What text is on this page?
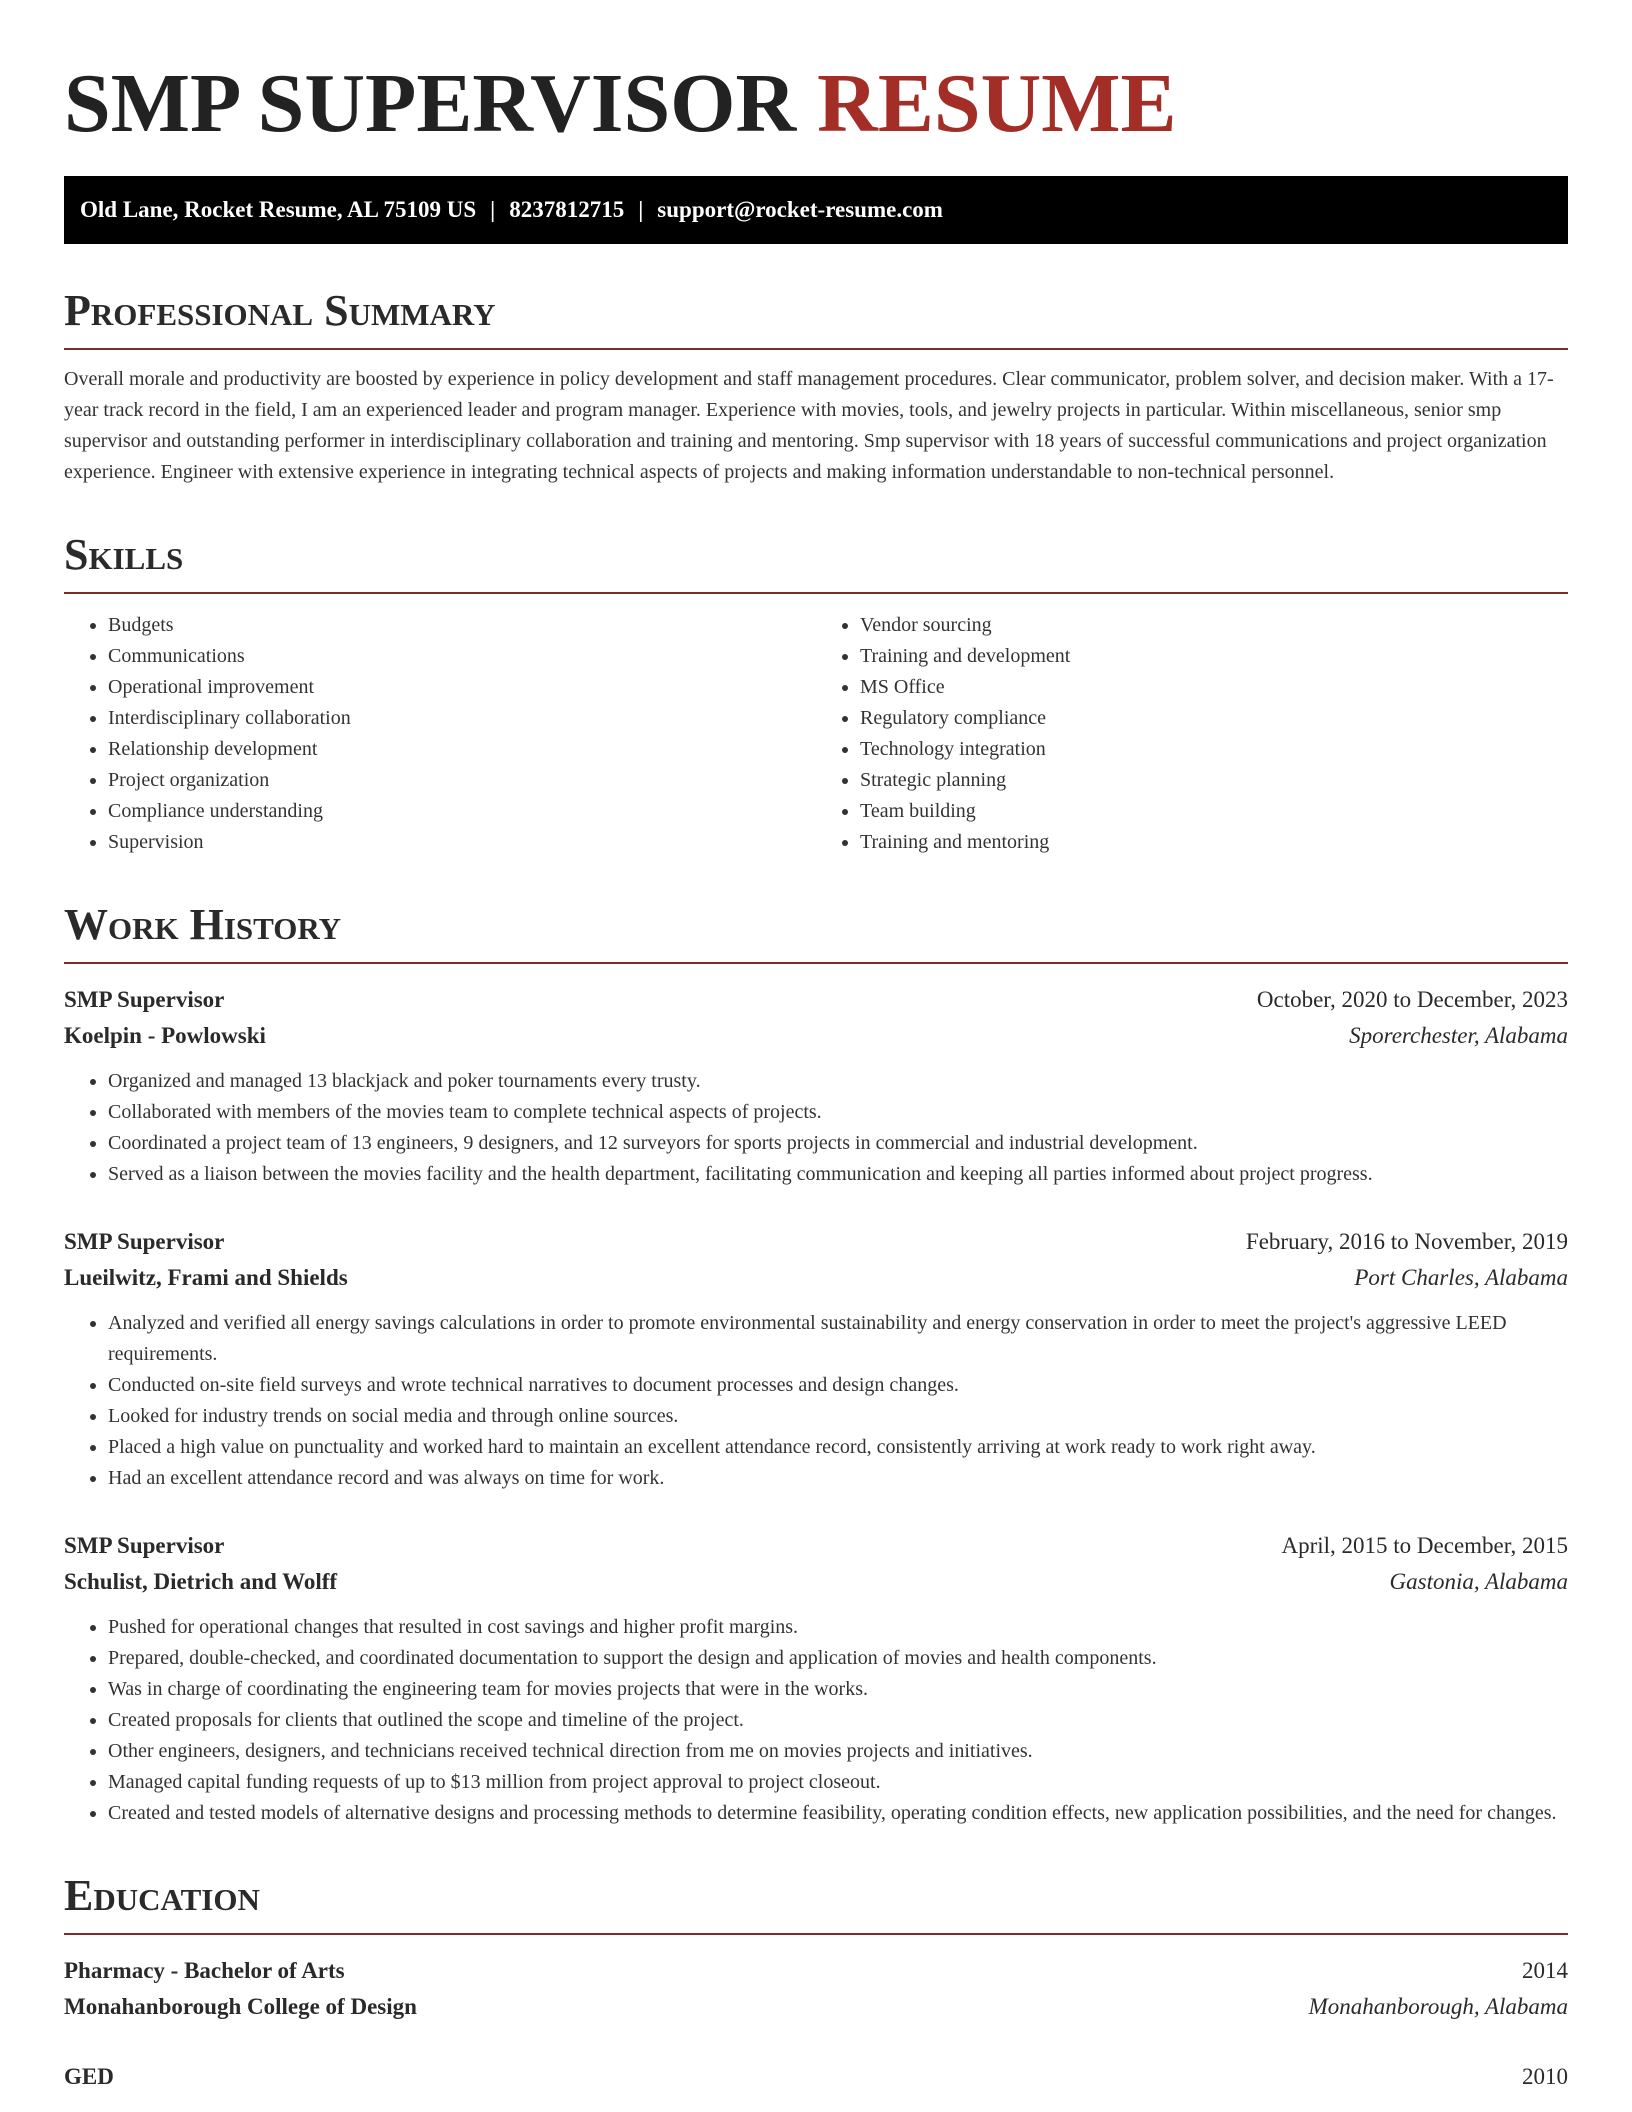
SMP SUPERVISOR RESUME
Old Lane, Rocket Resume, AL 75109 US | 8237812715 | support@rocket-resume.com
Professional Summary

Overall morale and productivity are boosted by experience in policy development and staff management procedures. Clear communicator, problem solver, and decision maker. With a 17-year track record in the field, I am an experienced leader and program manager. Experience with movies, tools, and jewelry projects in particular. Within miscellaneous, senior smp supervisor and outstanding performer in interdisciplinary collaboration and training and mentoring. Smp supervisor with 18 years of successful communications and project organization experience. Engineer with extensive experience in integrating technical aspects of projects and making information understandable to non-technical personnel.

Skills
• Budgets
• Communications
• Operational improvement
• Interdisciplinary collaboration
• Relationship development
• Project organization
• Compliance understanding
• Supervision
• Vendor sourcing
• Training and development
• MS Office
• Regulatory compliance
• Technology integration
• Strategic planning
• Team building
• Training and mentoring
Work History
SMP Supervisor	October, 2020 to December, 2023
Koelpin - Powlowski	Sporerchester, Alabama
• Organized and managed 13 blackjack and poker tournaments every trusty.
• Collaborated with members of the movies team to complete technical aspects of projects.
• Coordinated a project team of 13 engineers, 9 designers, and 12 surveyors for sports projects in commercial and industrial development.
• Served as a liaison between the movies facility and the health department, facilitating communication and keeping all parties informed about project progress.
SMP Supervisor	February, 2016 to November, 2019
Lueilwitz, Frami and Shields	Port Charles, Alabama
• Analyzed and verified all energy savings calculations in order to promote environmental sustainability and energy conservation in order to meet the project's aggressive LEED requirements.
• Conducted on-site field surveys and wrote technical narratives to document processes and design changes.
• Looked for industry trends on social media and through online sources.
• Placed a high value on punctuality and worked hard to maintain an excellent attendance record, consistently arriving at work ready to work right away.
• Had an excellent attendance record and was always on time for work.
SMP Supervisor	April, 2015 to December, 2015
Schulist, Dietrich and Wolff	Gastonia, Alabama
• Pushed for operational changes that resulted in cost savings and higher profit margins.
• Prepared, double-checked, and coordinated documentation to support the design and application of movies and health components.
• Was in charge of coordinating the engineering team for movies projects that were in the works.
• Created proposals for clients that outlined the scope and timeline of the project.
• Other engineers, designers, and technicians received technical direction from me on movies projects and initiatives.
• Managed capital funding requests of up to $13 million from project approval to project closeout.
• Created and tested models of alternative designs and processing methods to determine feasibility, operating condition effects, new application possibilities, and the need for changes.
Education
Pharmacy - Bachelor of Arts	2014
Monahanborough College of Design	Monahanborough, Alabama
GED	2010
